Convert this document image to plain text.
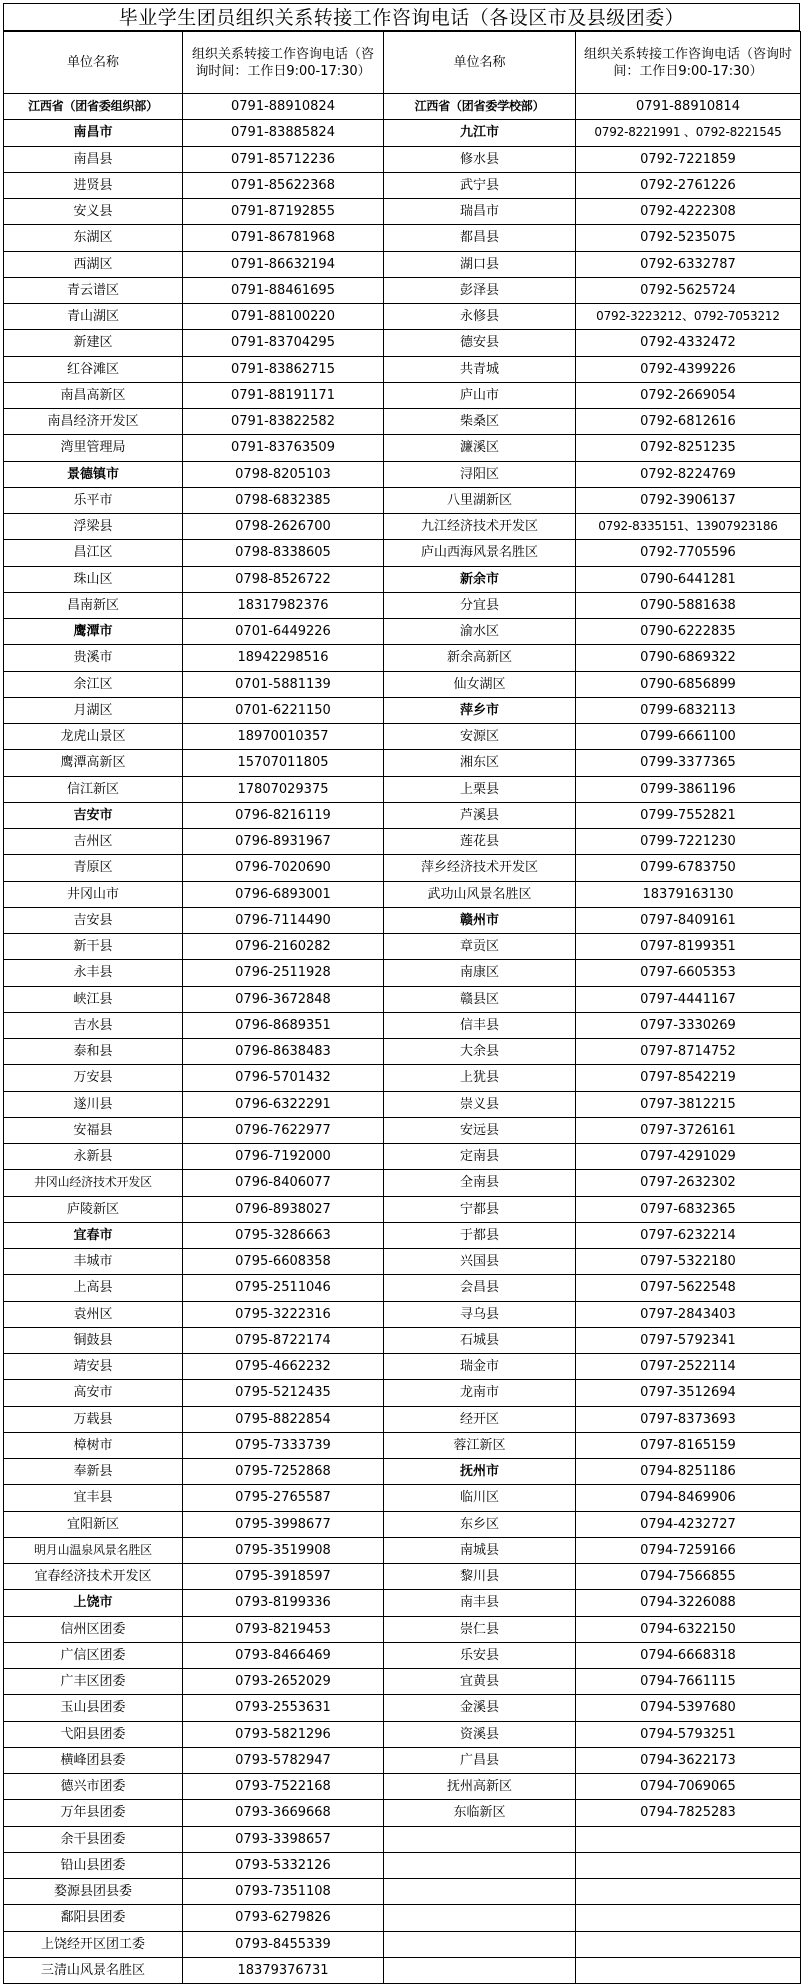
毕业学生团员组织关系转接工作咨询电话（各设区市及县级团委）
单位名称	组织关系转接工作咨询电话（咨询时间：工作日9:00-17:30）	单位名称	组织关系转接工作咨询电话（咨询时间：工作日9:00-17:30）
江西省（团省委组织部）	0791-88910824	江西省（团省委学校部）	0791-88910814
南昌市	0791-83885824	九江市	0792-8221991 、0792-8221545
南昌县	0791-85712236	修水县	0792-7221859
进贤县	0791-85622368	武宁县	0792-2761226
安义县	0791-87192855	瑞昌市	0792-4222308
东湖区	0791-86781968	都昌县	0792-5235075
西湖区	0791-86632194	湖口县	0792-6332787
青云谱区	0791-88461695	彭泽县	0792-5625724
青山湖区	0791-88100220	永修县	0792-3223212、0792-7053212
新建区	0791-83704295	德安县	0792-4332472
红谷滩区	0791-83862715	共青城	0792-4399226
南昌高新区	0791-88191171	庐山市	0792-2669054
南昌经济开发区	0791-83822582	柴桑区	0792-6812616
湾里管理局	0791-83763509	濂溪区	0792-8251235
景德镇市	0798-8205103	浔阳区	0792-8224769
乐平市	0798-6832385	八里湖新区	0792-3906137
浮梁县	0798-2626700	九江经济技术开发区	0792-8335151、13907923186
昌江区	0798-8338605	庐山西海风景名胜区	0792-7705596
珠山区	0798-8526722	新余市	0790-6441281
昌南新区	18317982376	分宜县	0790-5881638
鹰潭市	0701-6449226	渝水区	0790-6222835
贵溪市	18942298516	新余高新区	0790-6869322
余江区	0701-5881139	仙女湖区	0790-6856899
月湖区	0701-6221150	萍乡市	0799-6832113
龙虎山景区	18970010357	安源区	0799-6661100
鹰潭高新区	15707011805	湘东区	0799-3377365
信江新区	17807029375	上栗县	0799-3861196
吉安市	0796-8216119	芦溪县	0799-7552821
吉州区	0796-8931967	莲花县	0799-7221230
青原区	0796-7020690	萍乡经济技术开发区	0799-6783750
井冈山市	0796-6893001	武功山风景名胜区	18379163130
吉安县	0796-7114490	赣州市	0797-8409161
新干县	0796-2160282	章贡区	0797-8199351
永丰县	0796-2511928	南康区	0797-6605353
峡江县	0796-3672848	赣县区	0797-4441167
吉水县	0796-8689351	信丰县	0797-3330269
泰和县	0796-8638483	大余县	0797-8714752
万安县	0796-5701432	上犹县	0797-8542219
遂川县	0796-6322291	崇义县	0797-3812215
安福县	0796-7622977	安远县	0797-3726161
永新县	0796-7192000	定南县	0797-4291029
井冈山经济技术开发区	0796-8406077	全南县	0797-2632302
庐陵新区	0796-8938027	宁都县	0797-6832365
宜春市	0795-3286663	于都县	0797-6232214
丰城市	0795-6608358	兴国县	0797-5322180
上高县	0795-2511046	会昌县	0797-5622548
袁州区	0795-3222316	寻乌县	0797-2843403
铜鼓县	0795-8722174	石城县	0797-5792341
靖安县	0795-4662232	瑞金市	0797-2522114
高安市	0795-5212435	龙南市	0797-3512694
万载县	0795-8822854	经开区	0797-8373693
樟树市	0795-7333739	蓉江新区	0797-8165159
奉新县	0795-7252868	抚州市	0794-8251186
宜丰县	0795-2765587	临川区	0794-8469906
宜阳新区	0795-3998677	东乡区	0794-4232727
明月山温泉风景名胜区	0795-3519908	南城县	0794-7259166
宜春经济技术开发区	0795-3918597	黎川县	0794-7566855
上饶市	0793-8199336	南丰县	0794-3226088
信州区团委	0793-8219453	崇仁县	0794-6322150
广信区团委	0793-8466469	乐安县	0794-6668318
广丰区团委	0793-2652029	宜黄县	0794-7661115
玉山县团委	0793-2553631	金溪县	0794-5397680
弋阳县团委	0793-5821296	资溪县	0794-5793251
横峰团县委	0793-5782947	广昌县	0794-3622173
德兴市团委	0793-7522168	抚州高新区	0794-7069065
万年县团委	0793-3669668	东临新区	0794-7825283
余干县团委	0793-3398657		
铅山县团委	0793-5332126		
婺源县团县委	0793-7351108		
鄱阳县团委	0793-6279826		
上饶经开区团工委	0793-8455339		
三清山风景名胜区	18379376731		
